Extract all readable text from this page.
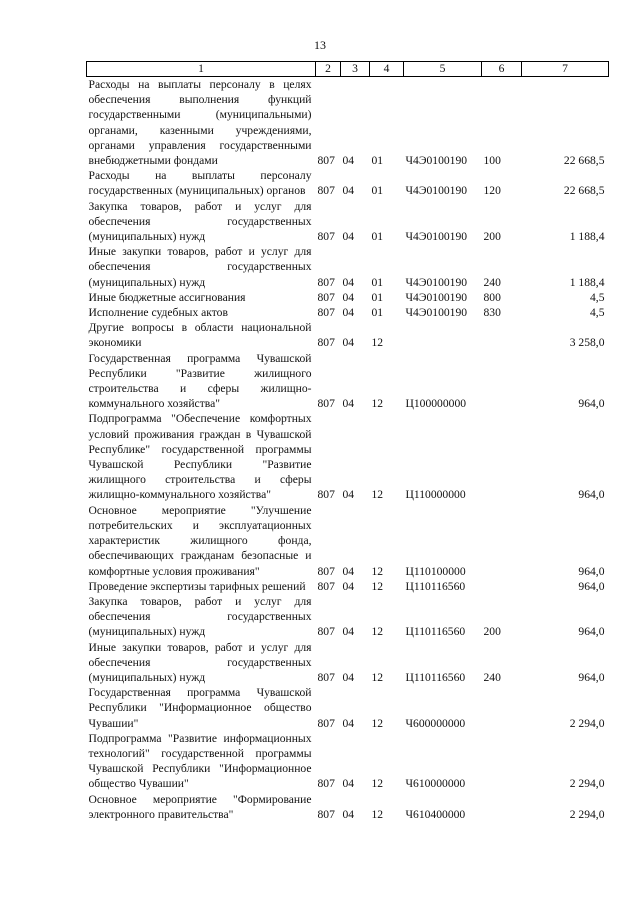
13
1	2	3	4	5	6	7
Расходы на выплаты персоналу в целях обеспечения выполнения функций государственными (муниципальными) органами, казенными учреждениями, органами управления государственными внебюджетными фондами	807	04	01	Ч4Э0100190	100	22 668,5
Расходы на выплаты персоналу государственных (муниципальных) органов	807	04	01	Ч4Э0100190	120	22 668,5
Закупка товаров, работ и услуг для обеспечения государственных (муниципальных) нужд	807	04	01	Ч4Э0100190	200	1 188,4
Иные закупки товаров, работ и услуг для обеспечения государственных (муниципальных) нужд	807	04	01	Ч4Э0100190	240	1 188,4
Иные бюджетные ассигнования	807	04	01	Ч4Э0100190	800	4,5
Исполнение судебных актов	807	04	01	Ч4Э0100190	830	4,5
Другие вопросы в области национальной экономики	807	04	12			3 258,0
Государственная программа Чувашской Республики "Развитие жилищного строительства и сферы жилищно-коммунального хозяйства"	807	04	12	Ц100000000		964,0
Подпрограмма "Обеспечение комфортных условий проживания граждан в Чувашской Республике" государственной программы Чувашской Республики "Развитие жилищного строительства и сферы жилищно-коммунального хозяйства"	807	04	12	Ц110000000		964,0
Основное мероприятие "Улучшение потребительских и эксплуатационных характеристик жилищного фонда, обеспечивающих гражданам безопасные и комфортные условия проживания"	807	04	12	Ц110100000		964,0
Проведение экспертизы тарифных решений	807	04	12	Ц110116560		964,0
Закупка товаров, работ и услуг для обеспечения государственных (муниципальных) нужд	807	04	12	Ц110116560	200	964,0
Иные закупки товаров, работ и услуг для обеспечения государственных (муниципальных) нужд	807	04	12	Ц110116560	240	964,0
Государственная программа Чувашской Республики "Информационное общество Чувашии"	807	04	12	Ч600000000		2 294,0
Подпрограмма "Развитие информационных технологий" государственной программы Чувашской Республики "Информационное общество Чувашии"	807	04	12	Ч610000000		2 294,0
Основное мероприятие "Формирование электронного правительства"	807	04	12	Ч610400000		2 294,0
